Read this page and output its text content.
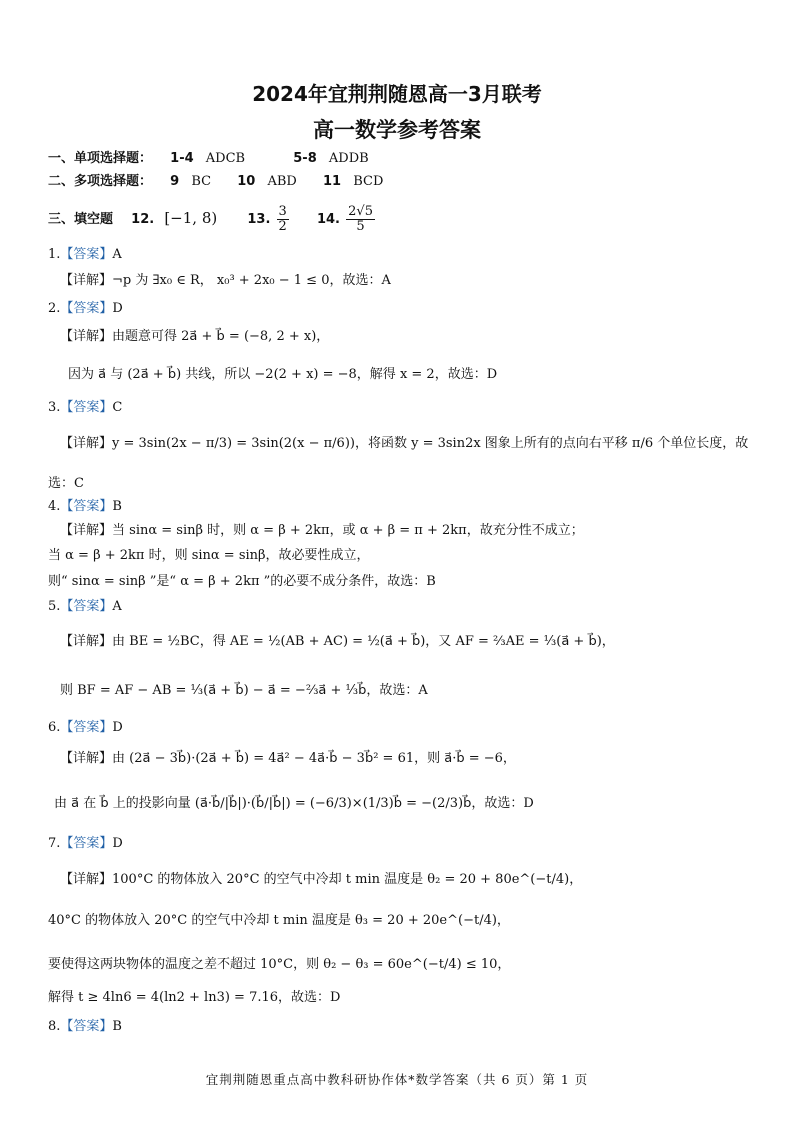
2024年宜荆荆随恩高一3月联考
高一数学参考答案
一、单项选择题： 1-4 ADCB	5-8 ADDB
二、多项选择题： 9 BC 10 ABD 11 BCD
三、填空题 12. [−1, 8) 13. $\frac{3}{2} 14$. $\frac{2√5}{5}$
1.【答案】A
【详解】¬p 为 ∃x₀ ∈ R， x₀³ + 2x₀ − 1 ≤ 0，故选：A
2.【答案】D
【详解】由题意可得 2a⃗ + b⃗ = (−8, 2 + x)，
因为 a⃗ 与 (2a⃗ + b⃗) 共线，所以 −2(2 + x) = −8，解得 x = 2，故选：D
3.【答案】C
【详解】y = 3sin(2x − π/3) = 3sin(2(x − π/6))，将函数 y = 3sin2x 图象上所有的点向右平移 π/6 个单位长度，故
选：C
4.【答案】B
【详解】当 sinα = sinβ 时，则 α = β + 2kπ，或 α + β = π + 2kπ，故充分性不成立；
当 α = β + 2kπ 时，则 sinα = sinβ，故必要性成立，
则“ sinα = sinβ ”是“ α = β + 2kπ ”的必要不成分条件，故选：B
5.【答案】A
【详解】由 BE = ½BC，得 AE = ½(AB + AC) = ½(a⃗ + b⃗)，又 AF = ⅔AE = ⅓(a⃗ + b⃗)，
则 BF = AF − AB = ⅓(a⃗ + b⃗) − a⃗ = −⅔a⃗ + ⅓b⃗，故选：A
6.【答案】D
【详解】由 (2a⃗ − 3b⃗)·(2a⃗ + b⃗) = 4a⃗² − 4a⃗·b⃗ − 3b⃗² = 61，则 a⃗·b⃗ = −6，
由 a⃗ 在 b⃗ 上的投影向量 (a⃗·b⃗/|b⃗|)·(b⃗/|b⃗|) = (−6/3)×(1/3)b⃗ = −(2/3)b⃗，故选：D
7.【答案】D
【详解】100°C 的物体放入 20°C 的空气中冷却 t min 温度是 θ₂ = 20 + 80e^(−t/4)，
40°C 的物体放入 20°C 的空气中冷却 t min 温度是 θ₃ = 20 + 20e^(−t/4)，
要使得这两块物体的温度之差不超过 10°C，则 θ₂ − θ₃ = 60e^(−t/4) ≤ 10，
解得 t ≥ 4ln6 = 4(ln2 + ln3) = 7.16，故选：D
8.【答案】B
宜荆荆随恩重点高中教科研协作体*数学答案（共 6 页）第 1 页
